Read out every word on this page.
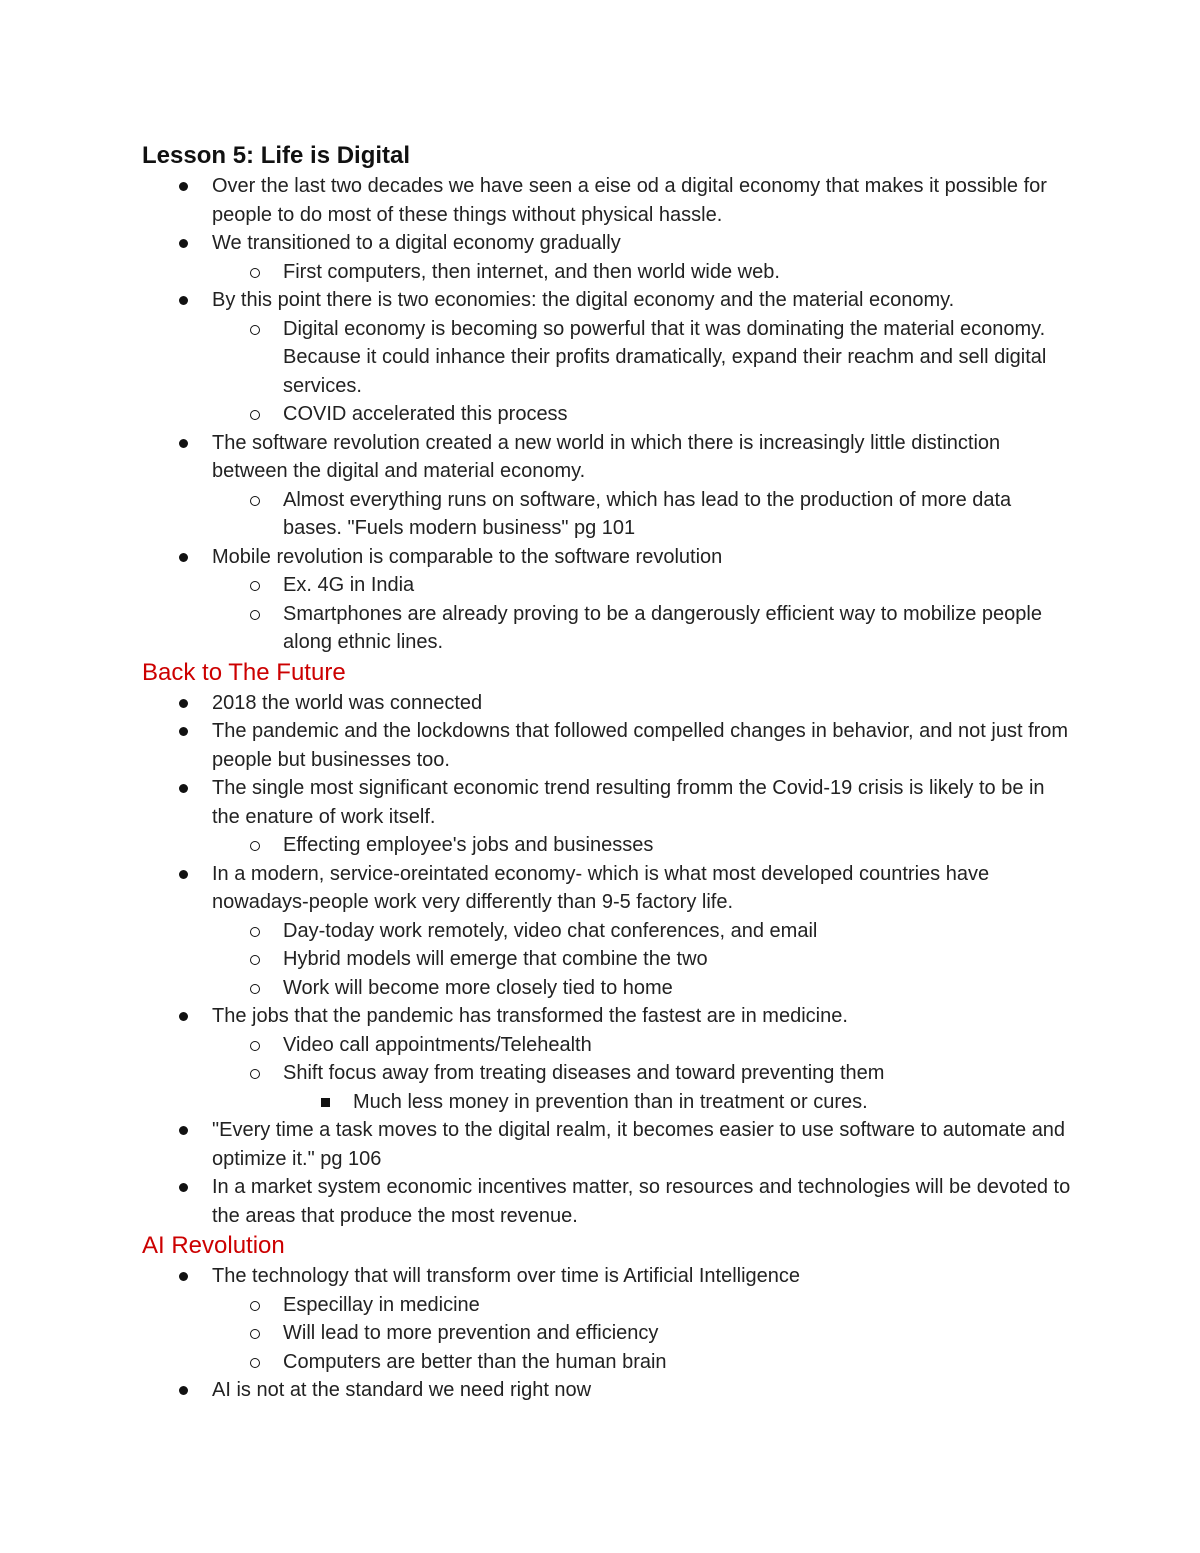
Lesson 5: Life is Digital
Over the last two decades we have seen a eise od a digital economy that makes it possible for people to do most of these things without physical hassle.
We transitioned to a digital economy gradually
First computers, then internet, and then world wide web.
By this point there is two economies: the digital economy and the material economy.
Digital economy is becoming so powerful that it was dominating the material economy. Because it could inhance their profits dramatically, expand their reachm and sell digital services.
COVID accelerated this process
The software revolution created a new world in which there is increasingly little distinction between the digital and material economy.
Almost everything runs on software, which has lead to the production of more data bases. "Fuels modern business" pg 101
Mobile revolution is comparable to the software revolution
Ex. 4G in India
Smartphones are already proving to be a dangerously efficient way to mobilize people along ethnic lines.
Back to The Future
2018 the world was connected
The pandemic and the lockdowns that followed compelled changes in behavior, and not just from people but businesses too.
The single most significant economic trend resulting fromm the Covid-19 crisis is likely to be in the enature of work itself.
Effecting employee's jobs and businesses
In a modern, service-oreintated economy- which is what most developed countries have nowadays-people work very differently than 9-5 factory life.
Day-today work remotely, video chat conferences, and email
Hybrid models will emerge that combine the two
Work will become more closely tied to home
The jobs that the pandemic has transformed the fastest are in medicine.
Video call appointments/Telehealth
Shift focus away from treating diseases and toward preventing them
Much less money in prevention than in treatment or cures.
"Every time a task moves to the digital realm, it becomes easier to use software to automate and optimize it." pg 106
In a market system economic incentives matter, so resources and technologies will be devoted to the areas that produce the most revenue.
AI Revolution
The technology that will transform over time is Artificial Intelligence
Especillay in medicine
Will lead to more prevention and efficiency
Computers are better than the human brain
AI is not at the standard we need right now
